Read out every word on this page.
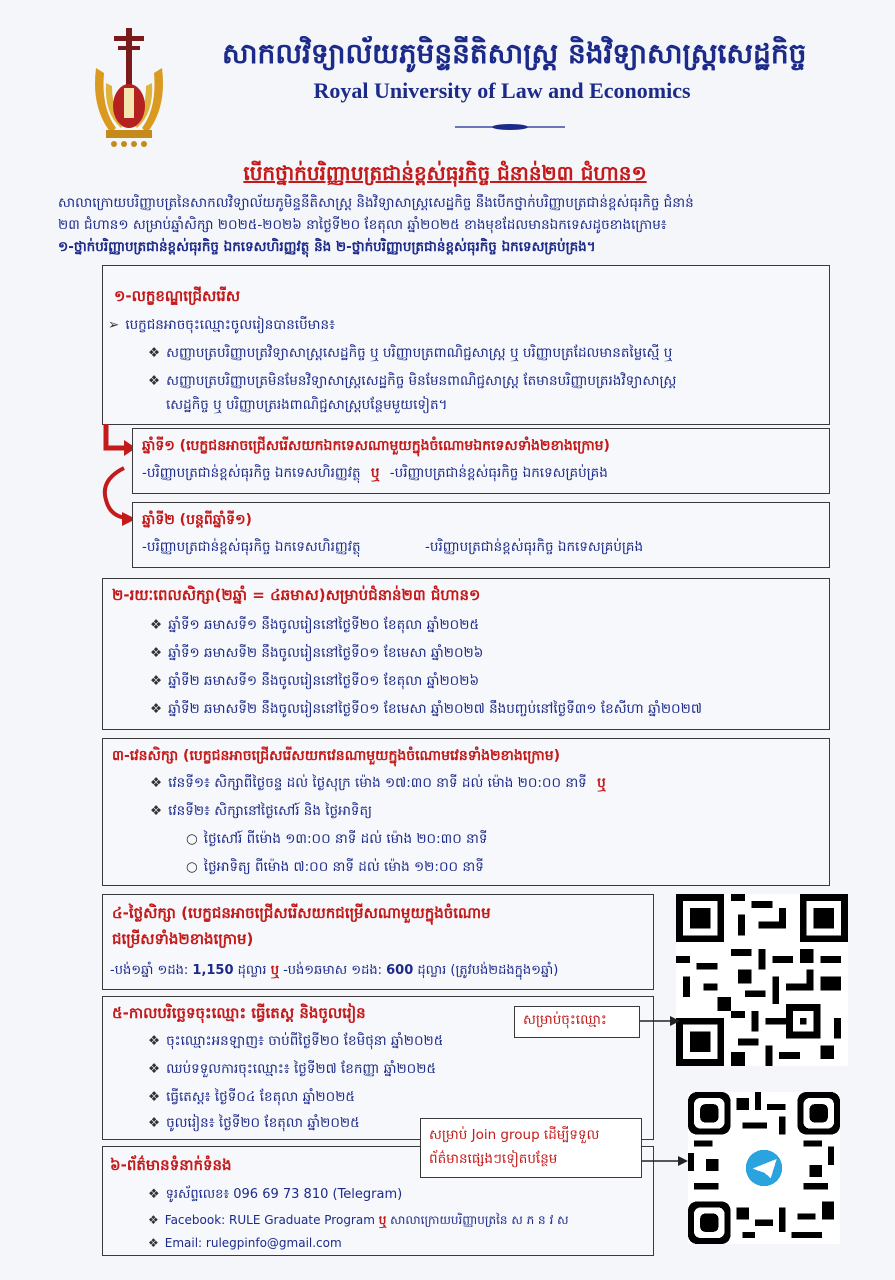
សាកលវិទ្យាល័យភូមិន្ទនីតិសាស្ត្រ និងវិទ្យាសាស្ត្រសេដ្ឋកិច្ច
Royal University of Law and Economics
បើកថ្នាក់បរិញ្ញាបត្រជាន់ខ្ពស់ធុរកិច្ច ជំនាន់២៣ ជំហាន១
សាលាក្រោយបរិញ្ញាបត្រនៃសាកលវិទ្យាល័យភូមិន្ទនីតិសាស្ត្រ និងវិទ្យាសាស្ត្រសេដ្ឋកិច្ច នឹងបើកថ្នាក់បរិញ្ញាបត្រជាន់ខ្ពស់ធុរកិច្ច ជំនាន់
២៣ ជំហាន១ សម្រាប់ឆ្នាំសិក្សា ២០២៥-២០២៦ នាថ្ងៃទី២០ ខែតុលា ឆ្នាំ២០២៥ ខាងមុខដែលមានឯកទេសដូចខាងក្រោម៖
១-ថ្នាក់បរិញ្ញាបត្រជាន់ខ្ពស់ធុរកិច្ច ឯកទេសហិរញ្ញវត្ថុ និង ២-ថ្នាក់បរិញ្ញាបត្រជាន់ខ្ពស់ធុរកិច្ច ឯកទេសគ្រប់គ្រង។
១-លក្ខខណ្ឌជ្រើសរើស
➢ បេក្ខជនអាចចុះឈ្មោះចូលរៀនបានបើមាន៖
❖ សញ្ញាបត្របរិញ្ញាបត្រវិទ្យាសាស្ត្រសេដ្ឋកិច្ច ឬ បរិញ្ញាបត្រពាណិជ្ជសាស្ត្រ ឬ បរិញ្ញាបត្រដែលមានតម្លៃស្មើ ឬ
❖ សញ្ញាបត្របរិញ្ញាបត្រមិនមែនវិទ្យាសាស្ត្រសេដ្ឋកិច្ច មិនមែនពាណិជ្ជសាស្ត្រ តែមានបរិញ្ញាបត្ររងវិទ្យាសាស្ត្រ
សេដ្ឋកិច្ច ឬ បរិញ្ញាបត្ររងពាណិជ្ជសាស្ត្របន្ថែមមួយទៀត។
ឆ្នាំទី១ (បេក្ខជនអាចជ្រើសរើសយកឯកទេសណាមួយក្នុងចំណោមឯកទេសទាំង២ខាងក្រោម)
-បរិញ្ញាបត្រជាន់ខ្ពស់ធុរកិច្ច ឯកទេសហិរញ្ញវត្ថុ ឬ -បរិញ្ញាបត្រជាន់ខ្ពស់ធុរកិច្ច ឯកទេសគ្រប់គ្រង
ឆ្នាំទី២ (បន្តពីឆ្នាំទី១)
-បរិញ្ញាបត្រជាន់ខ្ពស់ធុរកិច្ច ឯកទេសហិរញ្ញវត្ថុ	-បរិញ្ញាបត្រជាន់ខ្ពស់ធុរកិច្ច ឯកទេសគ្រប់គ្រង
២-រយៈពេលសិក្សា(២ឆ្នាំ = ៤ឆមាស)សម្រាប់ជំនាន់២៣ ជំហាន១
❖ ឆ្នាំទី១ ឆមាសទី១ នឹងចូលរៀននៅថ្ងៃទី២០ ខែតុលា ឆ្នាំ២០២៥
❖ ឆ្នាំទី១ ឆមាសទី២ នឹងចូលរៀននៅថ្ងៃទី០១ ខែមេសា ឆ្នាំ២០២៦
❖ ឆ្នាំទី២ ឆមាសទី១ នឹងចូលរៀននៅថ្ងៃទី០១ ខែតុលា ឆ្នាំ២០២៦
❖ ឆ្នាំទី២ ឆមាសទី២ នឹងចូលរៀននៅថ្ងៃទី០១ ខែមេសា ឆ្នាំ២០២៧ នឹងបញ្ចប់នៅថ្ងៃទី៣១ ខែសីហា ឆ្នាំ២០២៧
៣-វេនសិក្សា (បេក្ខជនអាចជ្រើសរើសយកវេនណាមួយក្នុងចំណោមវេនទាំង២ខាងក្រោម)
❖ វេនទី១៖ សិក្សាពីថ្ងៃចន្ទ ដល់ ថ្ងៃសុក្រ ម៉ោង ១៧:៣០ នាទី ដល់ ម៉ោង ២០:០០ នាទី ឬ
❖ វេនទី២៖ សិក្សានៅថ្ងៃសៅរ៍ និង ថ្ងៃអាទិត្យ
○ ថ្ងៃសៅរ៍ ពីម៉ោង ១៣:០០ នាទី ដល់ ម៉ោង ២០:៣០ នាទី
○ ថ្ងៃអាទិត្យ ពីម៉ោង ៧:០០ នាទី ដល់ ម៉ោង ១២:០០ នាទី
៤-ថ្លៃសិក្សា (បេក្ខជនអាចជ្រើសរើសយកជម្រើសណាមួយក្នុងចំណោម
ជម្រើសទាំង២ខាងក្រោម)
-បង់១ឆ្នាំ ១ដង: 1,150 ដុល្លារ ឬ -បង់១ឆមាស ១ដង: 600 ដុល្លារ (ត្រូវបង់២ដងក្នុង១ឆ្នាំ)
៥-កាលបរិច្ឆេទចុះឈ្មោះ ធ្វើតេស្ត និងចូលរៀន
❖ ចុះឈ្មោះអនឡាញ៖ ចាប់ពីថ្ងៃទី២០ ខែមិថុនា ឆ្នាំ២០២៥
❖ ឈប់ទទួលការចុះឈ្មោះ៖ ថ្ងៃទី២៧ ខែកញ្ញា ឆ្នាំ២០២៥
❖ ធ្វើតេស្ត៖ ថ្ងៃទី០៤ ខែតុលា ឆ្នាំ២០២៥
❖ ចូលរៀន៖ ថ្ងៃទី២០ ខែតុលា ឆ្នាំ២០២៥
សម្រាប់ចុះឈ្មោះ
៦-ព័ត៌មានទំនាក់ទំនង
❖ ទូរស័ព្ទលេខ៖ 096 69 73 810 (Telegram)
❖ Facebook: RULE Graduate Program ឬ សាលាក្រោយបរិញ្ញាបត្រនៃ ស ភ ន វ ស
❖ Email: rulegpinfo@gmail.com
សម្រាប់ Join group ដើម្បីទទួល
ព័ត៌មានផ្សេងៗទៀតបន្ថែម
